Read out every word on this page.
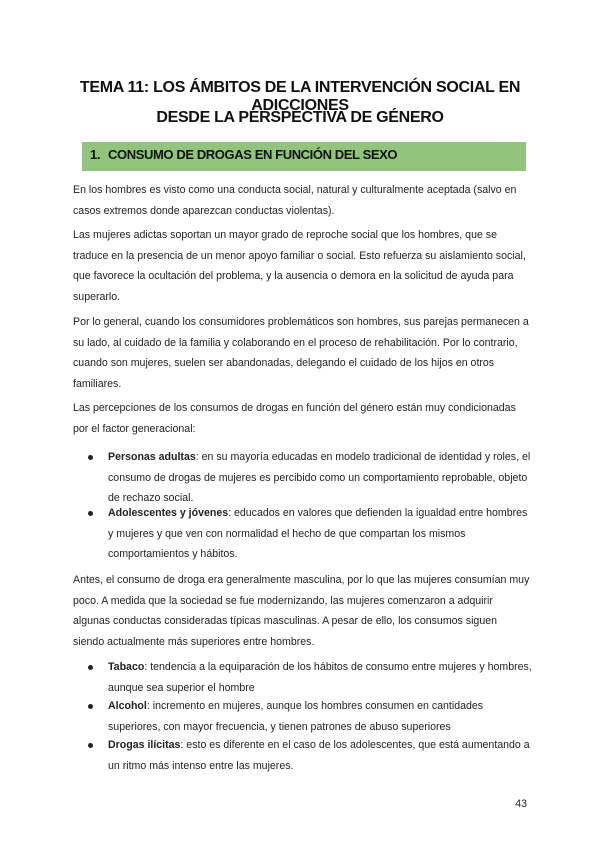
TEMA 11: LOS ÁMBITOS DE LA INTERVENCIÓN SOCIAL EN ADICCIONES
DESDE LA PERSPECTIVA DE GÉNERO
1. CONSUMO DE DROGAS EN FUNCIÓN DEL SEXO

En los hombres es visto como una conducta social, natural y culturalmente aceptada (salvo en casos extremos donde aparezcan conductas violentas).

Las mujeres adictas soportan un mayor grado de reproche social que los hombres, que se traduce en la presencia de un menor apoyo familiar o social. Esto refuerza su aislamiento social, que favorece la ocultación del problema, y la ausencia o demora en la solicitud de ayuda para superarlo.

Por lo general, cuando los consumidores problemáticos son hombres, sus parejas permanecen a su lado, al cuidado de la familia y colaborando en el proceso de rehabilitación. Por lo contrario, cuando son mujeres, suelen ser abandonadas, delegando el cuidado de los hijos en otros familiares.

Las percepciones de los consumos de drogas en función del género están muy condicionadas por el factor generacional:

Personas adultas: en su mayoría educadas en modelo tradicional de identidad y roles, el consumo de drogas de mujeres es percibido como un comportamiento reprobable, objeto de rechazo social.
Adolescentes y jóvenes: educados en valores que defienden la igualdad entre hombres y mujeres y que ven con normalidad el hecho de que compartan los mismos comportamientos y hábitos.

Antes, el consumo de droga era generalmente masculina, por lo que las mujeres consumían muy poco. A medida que la sociedad se fue modernizando, las mujeres comenzaron a adquirir algunas conductas consideradas típicas masculinas. A pesar de ello, los consumos siguen siendo actualmente más superiores entre hombres.

Tabaco: tendencia a la equiparación de los hábitos de consumo entre mujeres y hombres, aunque sea superior el hombre
Alcohol: incremento en mujeres, aunque los hombres consumen en cantidades superiores, con mayor frecuencia, y tienen patrones de abuso superiores
Drogas ilícitas: esto es diferente en el caso de los adolescentes, que está aumentando a un ritmo más intenso entre las mujeres.
43
